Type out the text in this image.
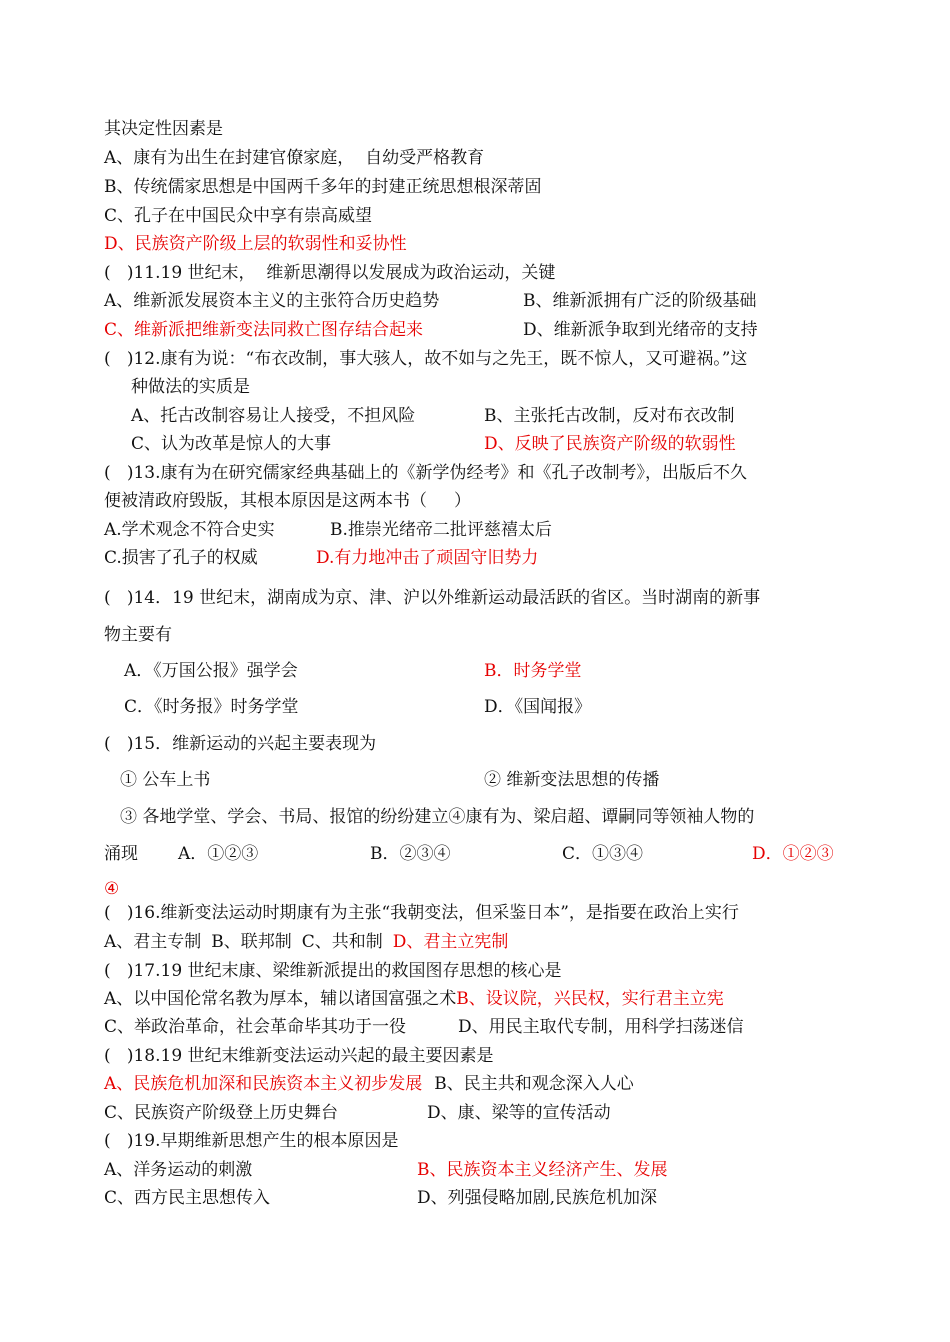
其决定性因素是
A、康有为出生在封建官僚家庭，  自幼受严格教育
B、传统儒家思想是中国两千多年的封建正统思想根深蒂固
C、孔子在中国民众中享有崇高威望
D、民族资产阶级上层的软弱性和妥协性
(   )11.19 世纪末，  维新思潮得以发展成为政治运动，关键
A、维新派发展资本主义的主张符合历史趋势	B、维新派拥有广泛的阶级基础
C、维新派把维新变法同救亡图存结合起来	D、维新派争取到光绪帝的支持
(   )12.康有为说：“布衣改制，事大骇人，故不如与之先王，既不惊人，又可避祸。”这
种做法的实质是
A、托古改制容易让人接受，不担风险	B、主张托古改制，反对布衣改制
C、认为改革是惊人的大事	D、反映了民族资产阶级的软弱性
(   )13.康有为在研究儒家经典基础上的《新学伪经考》和《孔子改制考》，出版后不久
便被清政府毁版，其根本原因是这两本书（     ）
A.学术观念不符合史实	B.推崇光绪帝二批评慈禧太后
C.损害了孔子的权威	D.有力地冲击了顽固守旧势力
(   )14．19 世纪末，湖南成为京、津、沪以外维新运动最活跃的省区。当时湖南的新事
物主要有
A．《万国公报》强学会	B．时务学堂
C．《时务报》时务学堂	D．《国闻报》
(   )15．维新运动的兴起主要表现为
① 公车上书	② 维新变法思想的传播
③ 各地学堂、学会、书局、报馆的纷纷建立④康有为、梁启超、谭嗣同等领袖人物的
涌现 A．①②③	B．②③④	C．①③④	D．①②③
④
(   )16.维新变法运动时期康有为主张“我朝变法，但采鉴日本”，是指要在政治上实行
A、君主专制 B、联邦制 C、共和制 D、君主立宪制
(   )17.19 世纪末康、梁维新派提出的救国图存思想的核心是
A、以中国伦常名教为厚本，辅以诸国富强之术B、设议院，兴民权，实行君主立宪
C、举政治革命，社会革命毕其功于一役	D、用民主取代专制，用科学扫荡迷信
(   )18.19 世纪末维新变法运动兴起的最主要因素是
A、民族危机加深和民族资本主义初步发展 B、民主共和观念深入人心
C、民族资产阶级登上历史舞台	D、康、梁等的宣传活动
(   )19.早期维新思想产生的根本原因是
A、洋务运动的刺激	B、民族资本主义经济产生、发展
C、西方民主思想传入	D、列强侵略加剧,民族危机加深
